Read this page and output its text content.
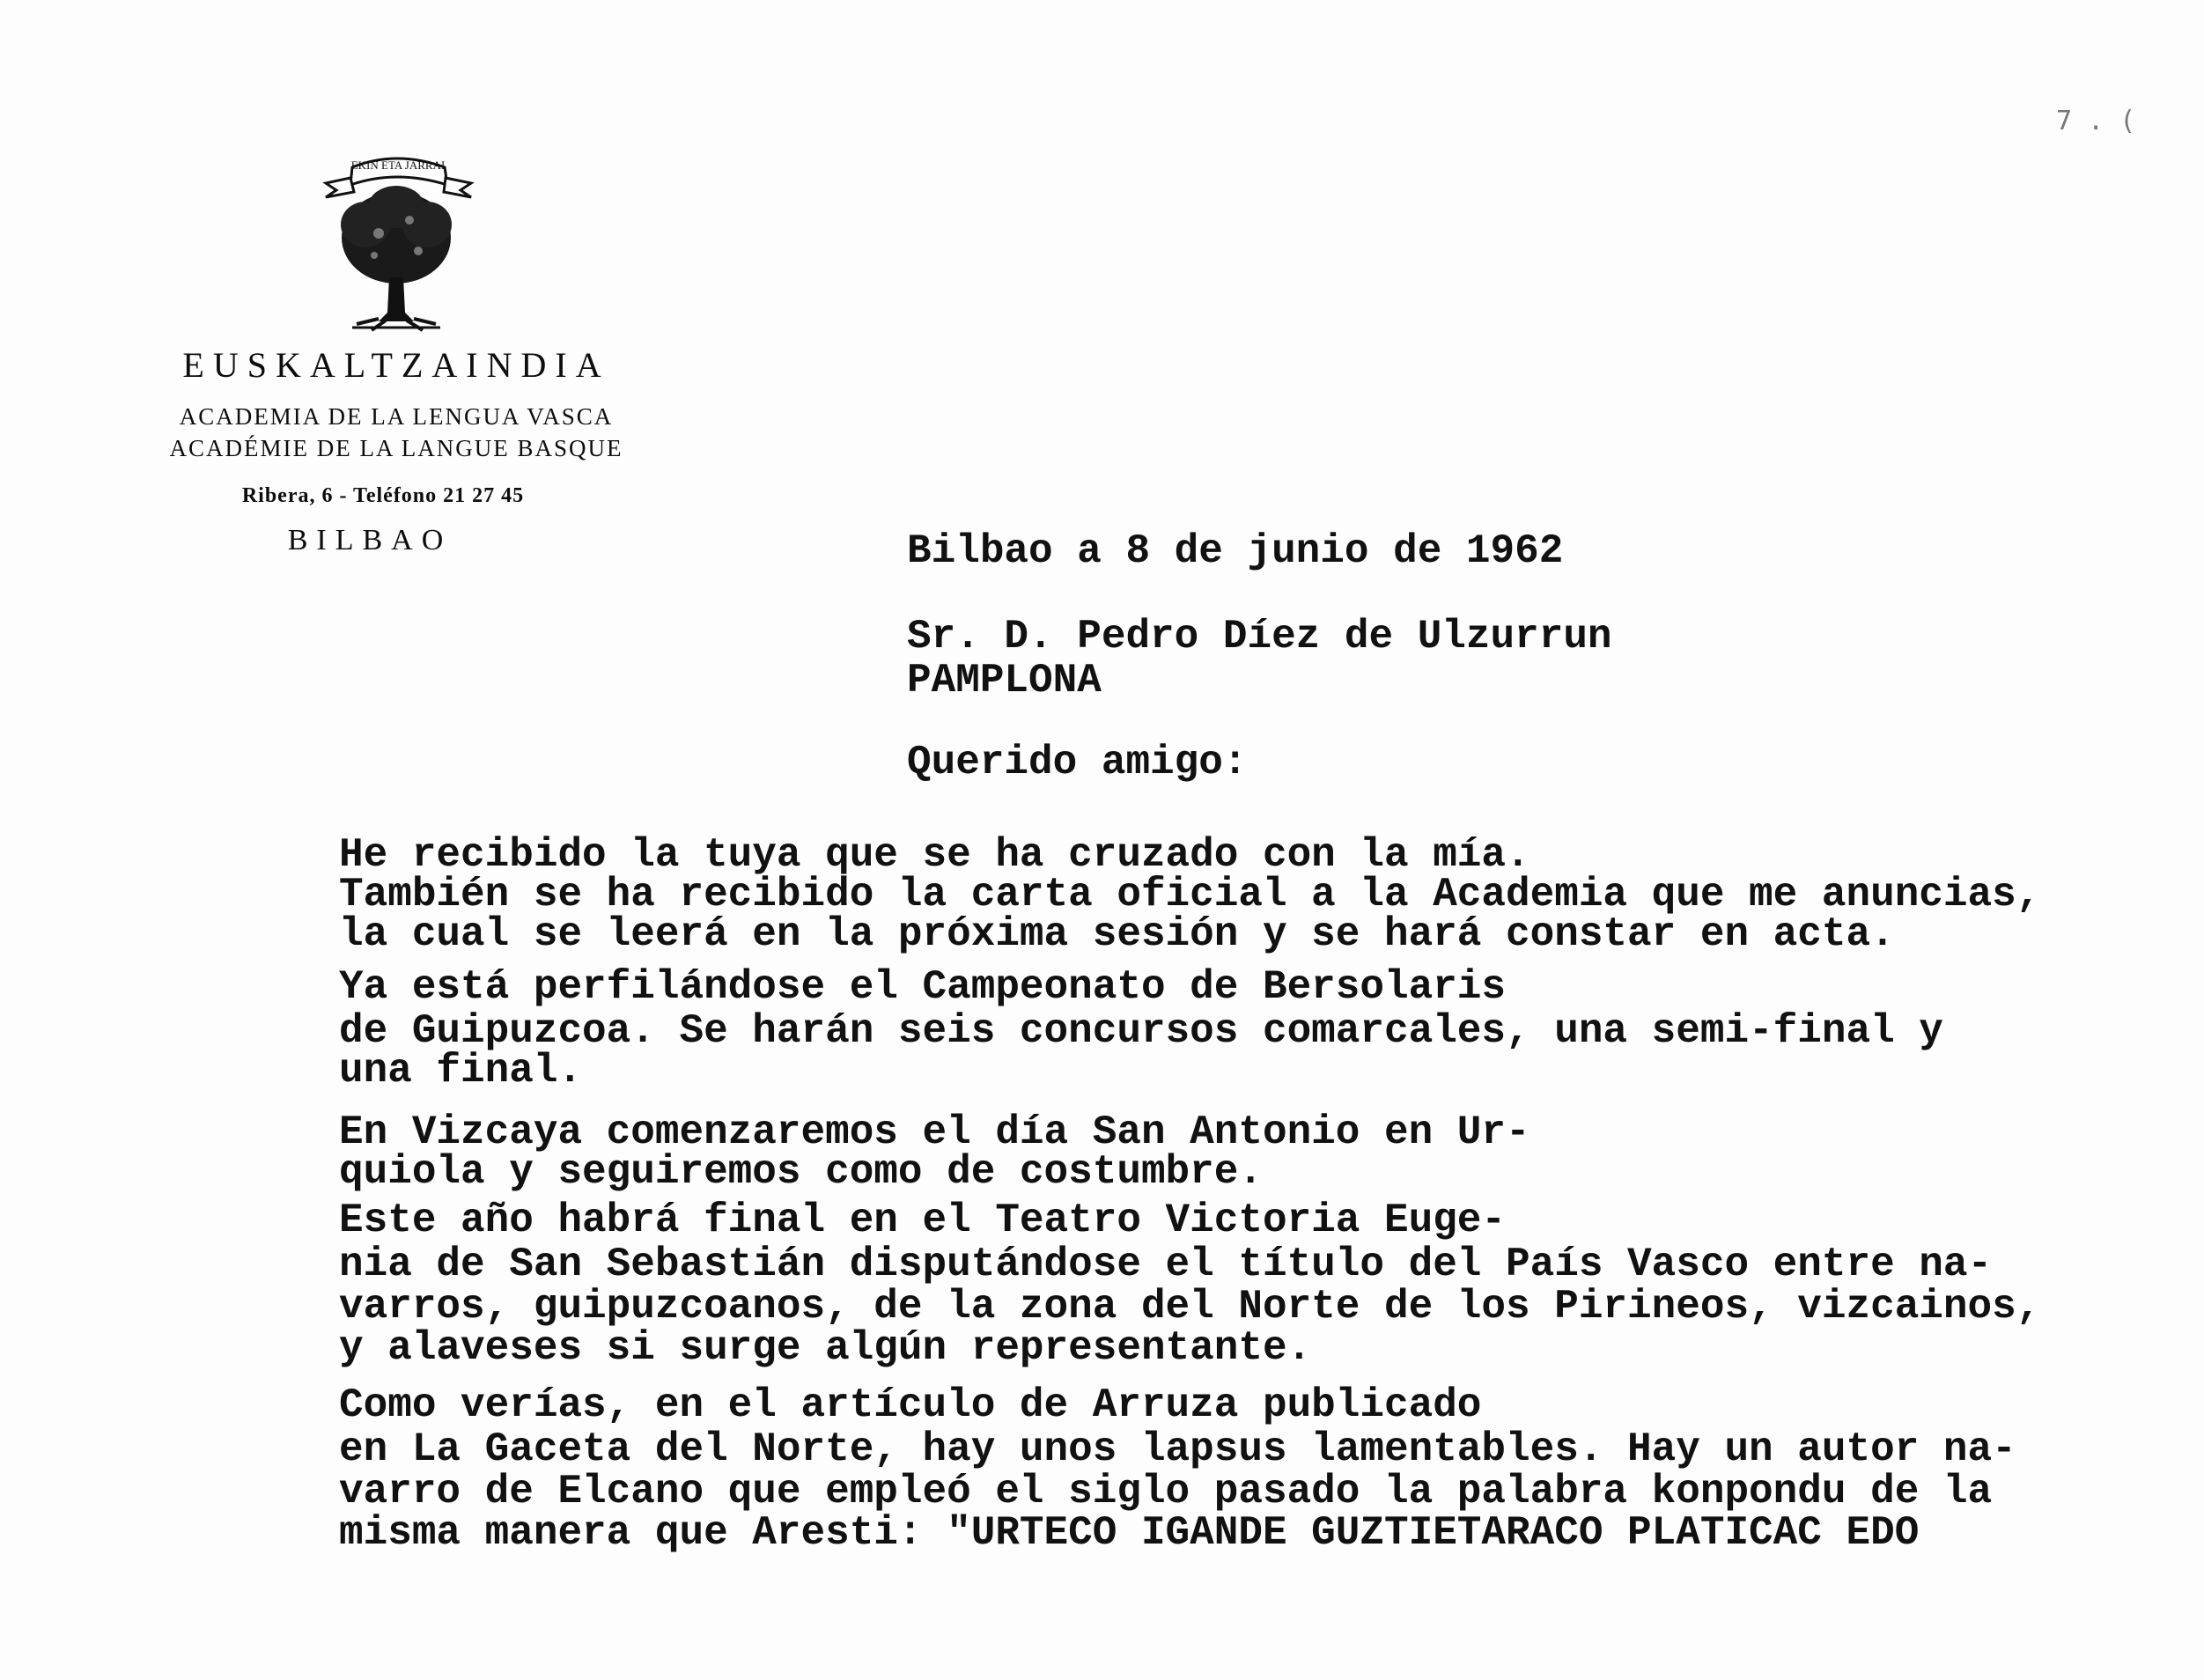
EKIN ETA JARRAI
EUSKALTZAINDIA
ACADEMIA DE LA LENGUA VASCA
ACADÉMIE DE LA LANGUE BASQUE
Ribera, 6 - Teléfono 21 27 45
BILBAO
7 . (
Bilbao a 8 de junio de 1962
Sr. D. Pedro Díez de Ulzurrun
PAMPLONA
Querido amigo:
He recibido la tuya que se ha cruzado con la mía.
También se ha recibido la carta oficial a la Academia que me anuncias,
la cual se leerá en la próxima sesión y se hará constar en acta.
Ya está perfilándose el Campeonato de Bersolaris
de Guipuzcoa. Se harán seis concursos comarcales, una semi-final y
una final.
En Vizcaya comenzaremos el día San Antonio en Ur-
quiola y seguiremos como de costumbre.
Este año habrá final en el Teatro Victoria Euge-
nia de San Sebastián disputándose el título del País Vasco entre na-
varros, guipuzcoanos, de la zona del Norte de los Pirineos, vizcainos,
y alaveses si surge algún representante.
Como verías, en el artículo de Arruza publicado
en La Gaceta del Norte, hay unos lapsus lamentables. Hay un autor na-
varro de Elcano que empleó el siglo pasado la palabra konpondu de la
misma manera que Aresti: "URTECO IGANDE GUZTIETARACO PLATICAC EDO
